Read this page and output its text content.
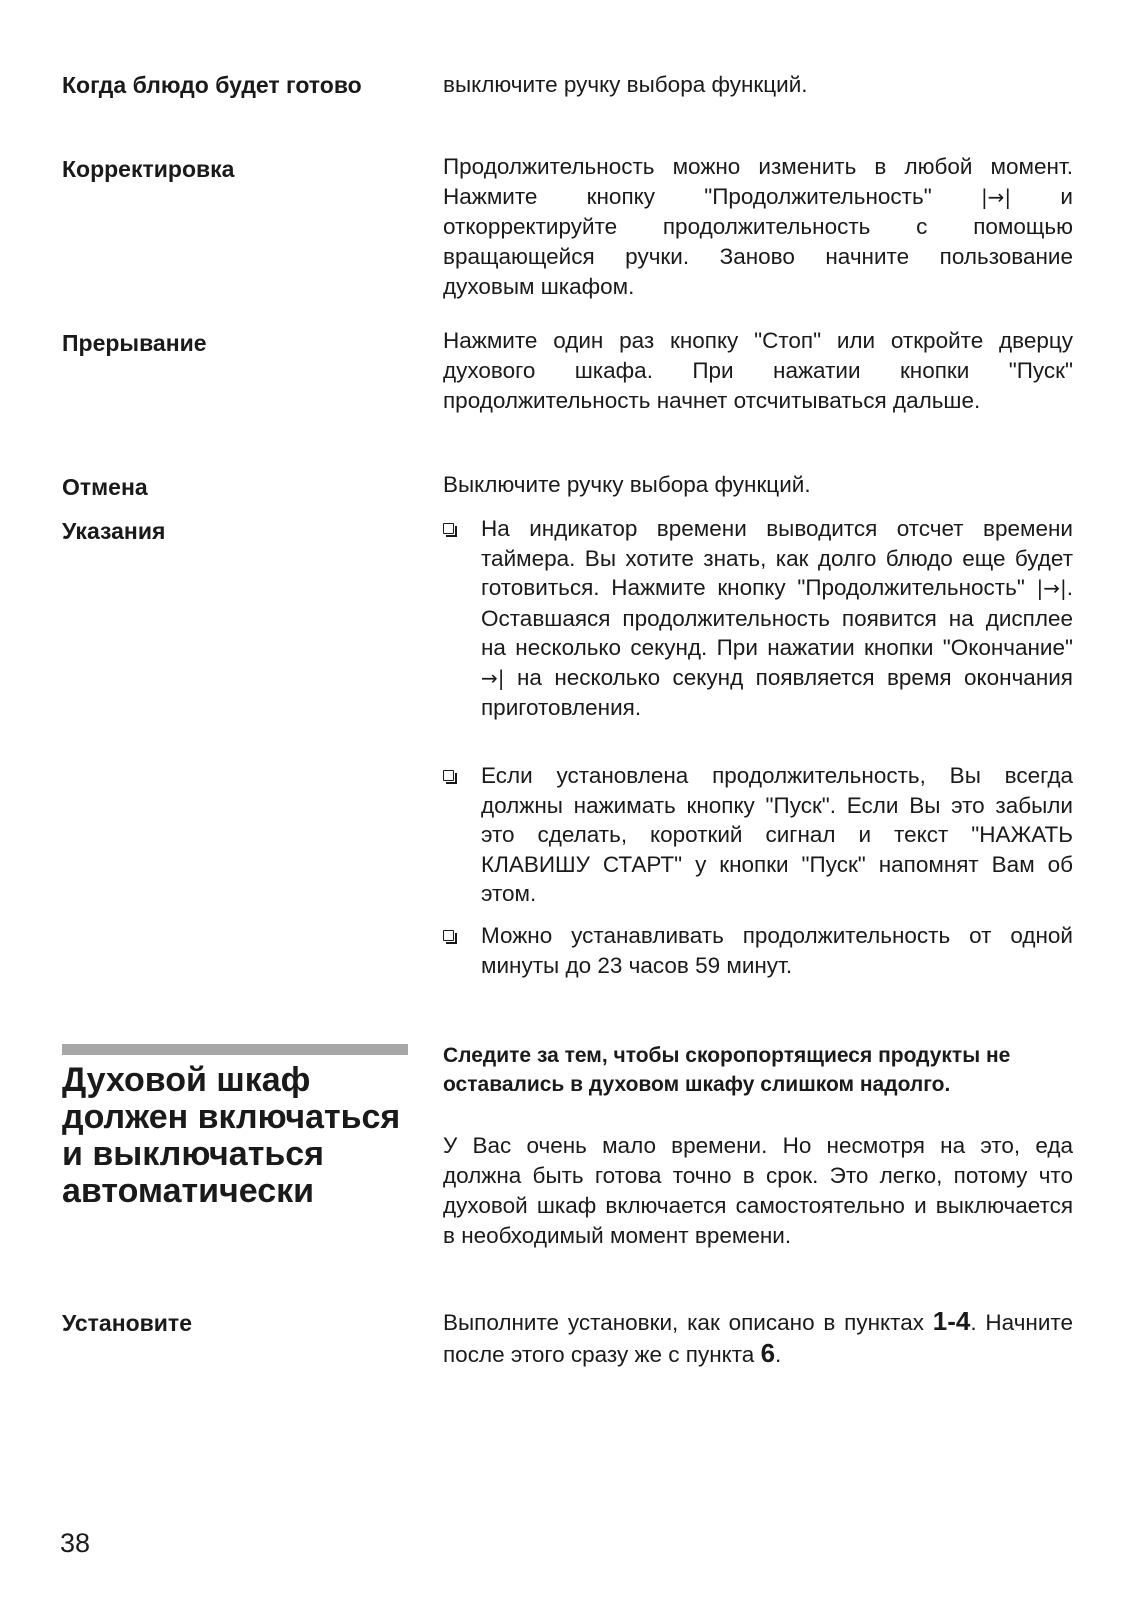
Когда блюдо будет готово	выключите ручку выбора функций.

Корректировка	Продолжительность можно изменить в любой момент. Нажмите кнопку "Продолжительность" |→| и откорректируйте продолжительность с помощью вращающейся ручки. Заново начните пользование духовым шкафом.

Прерывание	Нажмите один раз кнопку "Стоп" или откройте дверцу духового шкафа. При нажатии кнопки "Пуск" продолжительность начнет отсчитываться дальше.

Отмена	Выключите ручку выбора функций.

Указания	На индикатор времени выводится отсчет времени таймера. Вы хотите знать, как долго блюдо еще будет готовиться. Нажмите кнопку "Продолжительность" |→|. Оставшаяся продолжительность появится на дисплее на несколько секунд. При нажатии кнопки "Окончание" →| на несколько секунд появляется время окончания приготовления.
Если установлена продолжительность, Вы всегда должны нажимать кнопку "Пуск". Если Вы это забыли это сделать, короткий сигнал и текст "НАЖАТЬ КЛАВИШУ СТАРТ" у кнопки "Пуск" напомнят Вам об этом.
Можно устанавливать продолжительность от одной минуты до 23 часов 59 минут.
Духовой шкаф должен включаться и выключаться автоматически

Следите за тем, чтобы скоропортящиеся продукты не оставались в духовом шкафу слишком надолго.

У Вас очень мало времени. Но несмотря на это, еда должна быть готова точно в срок. Это легко, потому что духовой шкаф включается самостоятельно и выключается в необходимый момент времени.

Установите	Выполните установки, как описано в пунктах 1-4. Начните после этого сразу же с пункта 6.

38
